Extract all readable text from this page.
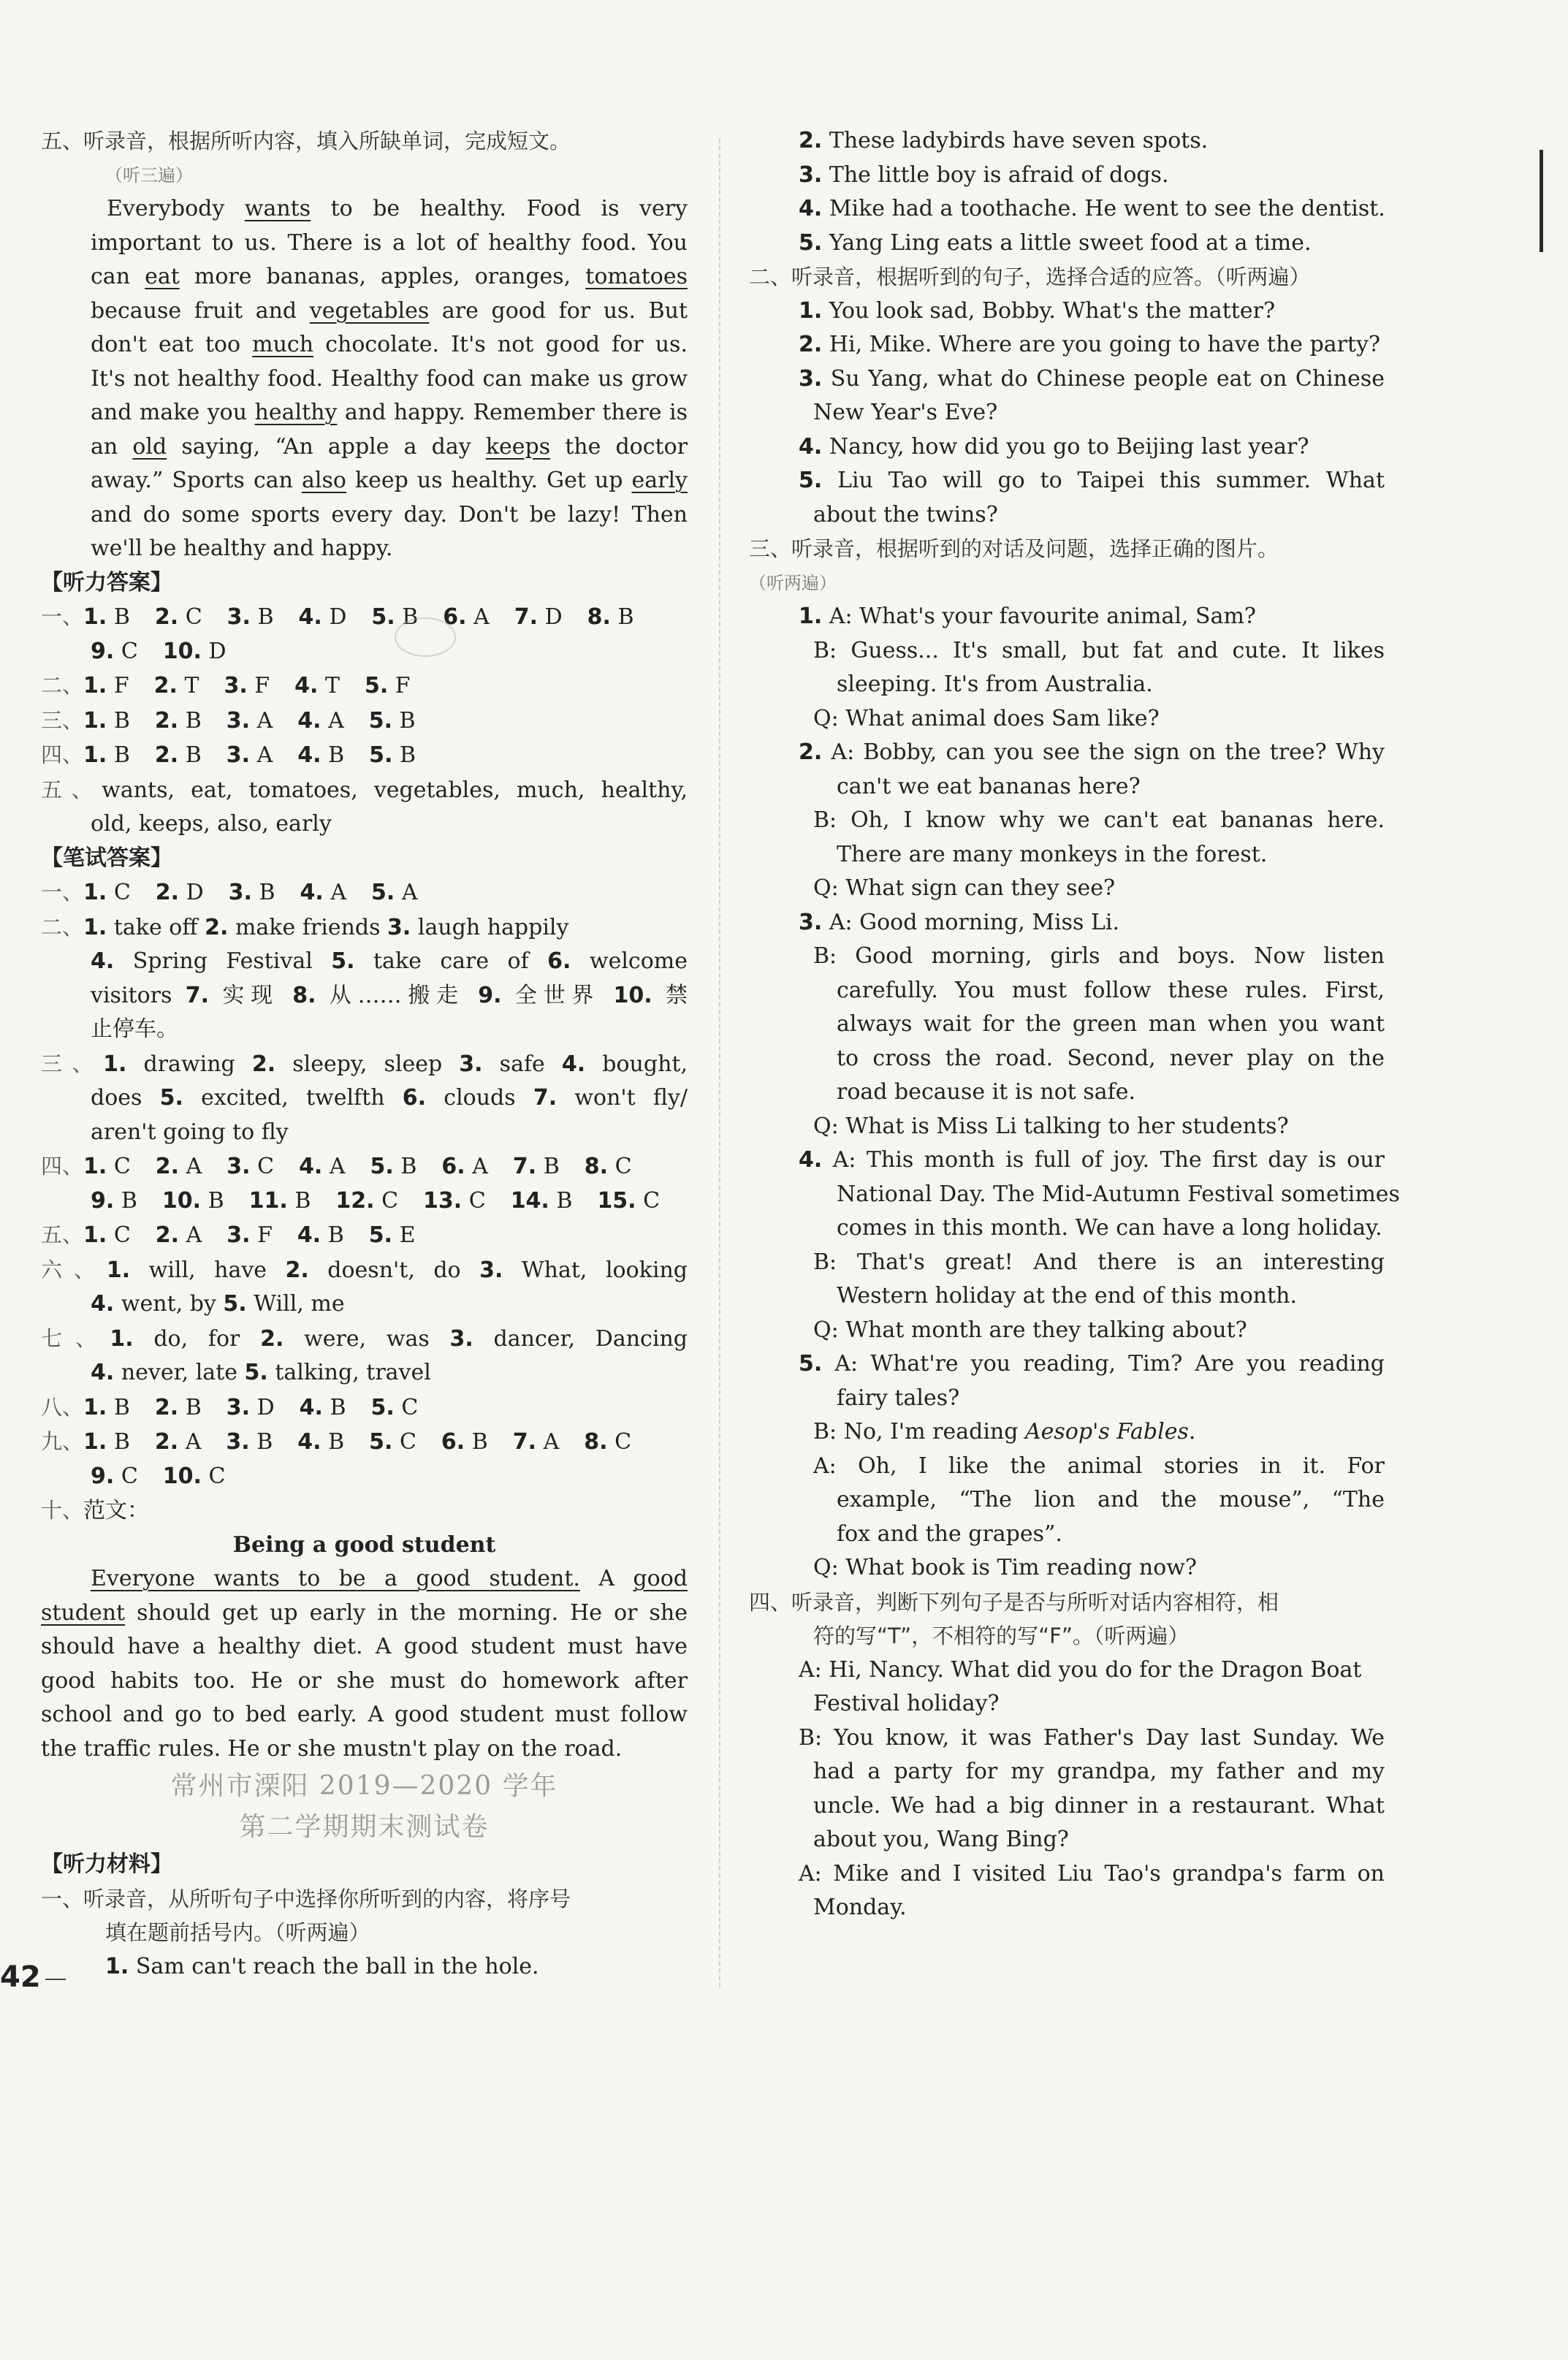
五、听录音，根据所听内容，填入所缺单词，完成短文。
（听三遍）
Everybody wants to be healthy. Food is very
important to us. There is a lot of healthy food. You
can eat more bananas, apples, oranges, tomatoes
because fruit and vegetables are good for us. But
don't eat too much chocolate. It's not good for us.
It's not healthy food. Healthy food can make us grow
and make you healthy and happy. Remember there is
an old saying, “An apple a day keeps the doctor
away.” Sports can also keep us healthy. Get up early
and do some sports every day. Don't be lazy! Then
we'll be healthy and happy.
【听力答案】
一、1. B 2. C 3. B 4. D 5. B 6. A 7. D 8. B
9. C 10. D
二、1. F 2. T 3. F 4. T 5. F
三、1. B 2. B 3. A 4. A 5. B
四、1. B 2. B 3. A 4. B 5. B
五、wants, eat, tomatoes, vegetables, much, healthy,
old, keeps, also, early
【笔试答案】
一、1. C 2. D 3. B 4. A 5. A
二、1. take off 2. make friends 3. laugh happily
4. Spring Festival 5. take care of 6. welcome
visitors 7. 实现 8. 从……搬走 9. 全世界 10. 禁
止停车。
三、1. drawing 2. sleepy, sleep 3. safe 4. bought,
does 5. excited, twelfth 6. clouds 7. won't fly/
aren't going to fly
四、1. C 2. A 3. C 4. A 5. B 6. A 7. B 8. C
9. B 10. B 11. B 12. C 13. C 14. B 15. C
五、1. C 2. A 3. F 4. B 5. E
六、1. will, have 2. doesn't, do 3. What, looking
4. went, by 5. Will, me
七、1. do, for 2. were, was 3. dancer, Dancing
4. never, late 5. talking, travel
八、1. B 2. B 3. D 4. B 5. C
九、1. B 2. A 3. B 4. B 5. C 6. B 7. A 8. C
9. C 10. C
十、范文：
Being a good student
Everyone wants to be a good student. A good
student should get up early in the morning. He or she
should have a healthy diet. A good student must have
good habits too. He or she must do homework after
school and go to bed early. A good student must follow
the traffic rules. He or she mustn't play on the road.
常州市溧阳 2019—2020 学年
第二学期期末测试卷
【听力材料】
一、听录音，从所听句子中选择你所听到的内容，将序号
填在题前括号内。（听两遍）
1. Sam can't reach the ball in the hole.
2. These ladybirds have seven spots.
3. The little boy is afraid of dogs.
4. Mike had a toothache. He went to see the dentist.
5. Yang Ling eats a little sweet food at a time.
二、听录音，根据听到的句子，选择合适的应答。（听两遍）
1. You look sad, Bobby. What's the matter?
2. Hi, Mike. Where are you going to have the party?
3. Su Yang, what do Chinese people eat on Chinese
New Year's Eve?
4. Nancy, how did you go to Beijing last year?
5. Liu Tao will go to Taipei this summer. What
about the twins?
三、听录音，根据听到的对话及问题，选择正确的图片。
（听两遍）
1. A: What's your favourite animal, Sam?
B: Guess... It's small, but fat and cute. It likes
sleeping. It's from Australia.
Q: What animal does Sam like?
2. A: Bobby, can you see the sign on the tree? Why
can't we eat bananas here?
B: Oh, I know why we can't eat bananas here.
There are many monkeys in the forest.
Q: What sign can they see?
3. A: Good morning, Miss Li.
B: Good morning, girls and boys. Now listen
carefully. You must follow these rules. First,
always wait for the green man when you want
to cross the road. Second, never play on the
road because it is not safe.
Q: What is Miss Li talking to her students?
4. A: This month is full of joy. The first day is our
National Day. The Mid-Autumn Festival sometimes
comes in this month. We can have a long holiday.
B: That's great! And there is an interesting
Western holiday at the end of this month.
Q: What month are they talking about?
5. A: What're you reading, Tim? Are you reading
fairy tales?
B: No, I'm reading Aesop's Fables.
A: Oh, I like the animal stories in it. For
example, “The lion and the mouse”, “The
fox and the grapes”.
Q: What book is Tim reading now?
四、听录音，判断下列句子是否与所听对话内容相符，相
符的写“T”，不相符的写“F”。（听两遍）
A: Hi, Nancy. What did you do for the Dragon Boat
Festival holiday?
B: You know, it was Father's Day last Sunday. We
had a party for my grandpa, my father and my
uncle. We had a big dinner in a restaurant. What
about you, Wang Bing?
A: Mike and I visited Liu Tao's grandpa's farm on
Monday.
42
